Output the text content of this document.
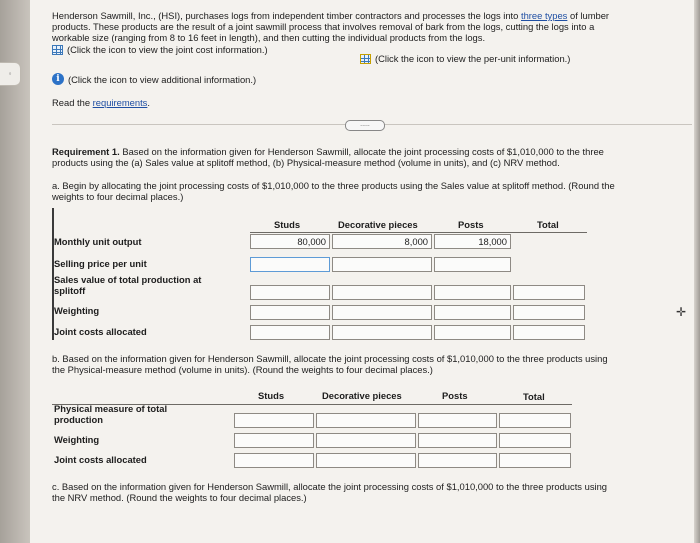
◦
Henderson Sawmill, Inc., (HSI), purchases logs from independent timber contractors and processes the logs into three types of lumber
products. These products are the result of a joint sawmill process that involves removal of bark from the logs, cutting the logs into a
workable size (ranging from 8 to 16 feet in length), and then cutting the individual products from the logs.
(Click the icon to view the joint cost information.)
(Click the icon to view the per-unit information.)
i (Click the icon to view additional information.)
Read the requirements.
.....
Requirement 1. Based on the information given for Henderson Sawmill, allocate the joint processing costs of $1,010,000 to the three
products using the (a) Sales value at splitoff method, (b) Physical-measure method (volume in units), and (c) NRV method.
a. Begin by allocating the joint processing costs of $1,010,000 to the three products using the Sales value at splitoff method. (Round the
weights to four decimal places.)
Studs	Decorative pieces	Posts	Total
Monthly unit output	80,000	8,000	18,000
Selling price per unit
Sales value of total production at
splitoff
Weighting
Joint costs allocated
b. Based on the information given for Henderson Sawmill, allocate the joint processing costs of $1,010,000 to the three products using
the Physical-measure method (volume in units). (Round the weights to four decimal places.)
Studs	Decorative pieces	Posts	Total
Physical measure of total
production
Weighting
Joint costs allocated
c. Based on the information given for Henderson Sawmill, allocate the joint processing costs of $1,010,000 to the three products using
the NRV method. (Round the weights to four decimal places.)
✛
